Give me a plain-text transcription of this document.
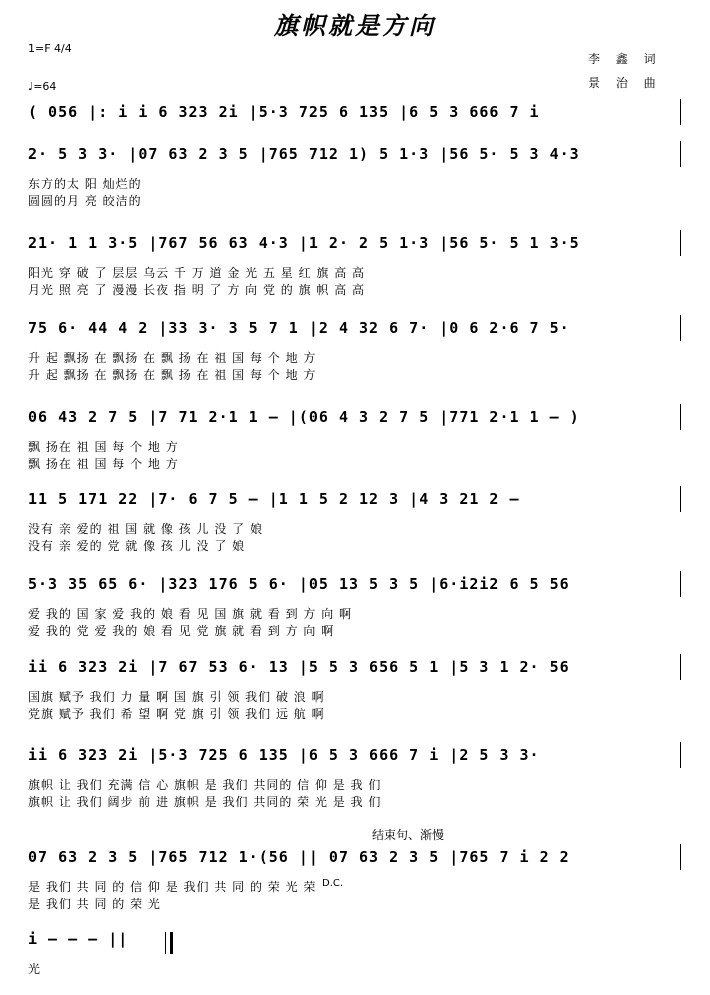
旗帜就是方向
1=F 4/4
♩=64
李 鑫 词
景 治 曲
( 056 |: i i 6 323 2i |5·3 725 6 135 |6 5 3 666 7 i
2· 5 3 3· |07 63 2 3 5 |765 712 1) 5 1·3 |56 5· 5 3 4·3
东方的太 阳 灿烂的
圆圆的月 亮 皎洁的
21· 1 1 3·5 |767 56 63 4·3 |1 2· 2 5 1·3 |56 5· 5 1 3·5
阳光 穿 破 了 层层 乌云 千 万 道 金 光 五 星 红 旗 高 高
月光 照 亮 了 漫漫 长夜 指 明 了 方 向 党 的 旗 帜 高 高
75 6· 44 4 2 |33 3· 3 5 7 1 |2 4 32 6 7· |0 6 2·6 7 5·
升 起 飘扬 在 飘扬 在 飘 扬 在 祖 国 每 个 地 方
升 起 飘扬 在 飘扬 在 飘 扬 在 祖 国 每 个 地 方
06 43 2 7 5 |7 71 2·1 1 – |(06 4 3 2 7 5 |771 2·1 1 – )
飘 扬在 祖 国 每 个 地 方
飘 扬在 祖 国 每 个 地 方
11 5 171 22 |7· 6 7 5 – |1 1 5 2 12 3 |4 3 21 2 –
没有 亲 爱的 祖 国 就 像 孩 儿 没 了 娘
没有 亲 爱的 党 就 像 孩 儿 没 了 娘
5·3 35 65 6· |323 176 5 6· |05 13 5 3 5 |6·i2i2 6 5 56
爱 我的 国 家 爱 我的 娘 看 见 国 旗 就 看 到 方 向 啊
爱 我的 党 爱 我的 娘 看 见 党 旗 就 看 到 方 向 啊
ii 6 323 2i |7 67 53 6· 13 |5 5 3 656 5 1 |5 3 1 2· 56
国旗 赋予 我们 力 量 啊 国 旗 引 领 我们 破 浪 啊
党旗 赋予 我们 希 望 啊 党 旗 引 领 我们 远 航 啊
ii 6 323 2i |5·3 725 6 135 |6 5 3 666 7 i |2 5 3 3·
旗帜 让 我们 充满 信 心 旗帜 是 我们 共同的 信 仰 是 我 们
旗帜 让 我们 阔步 前 进 旗帜 是 我们 共同的 荣 光 是 我 们
07 63 2 3 5 |765 712 1·(56 || 07 63 2 3 5 |765 7 i 2 2
是 我们 共 同 的 信 仰 是 我们 共 同 的 荣 光 荣
是 我们 共 同 的 荣 光
i – – – ||
光
结束句、渐慢
D.C.
